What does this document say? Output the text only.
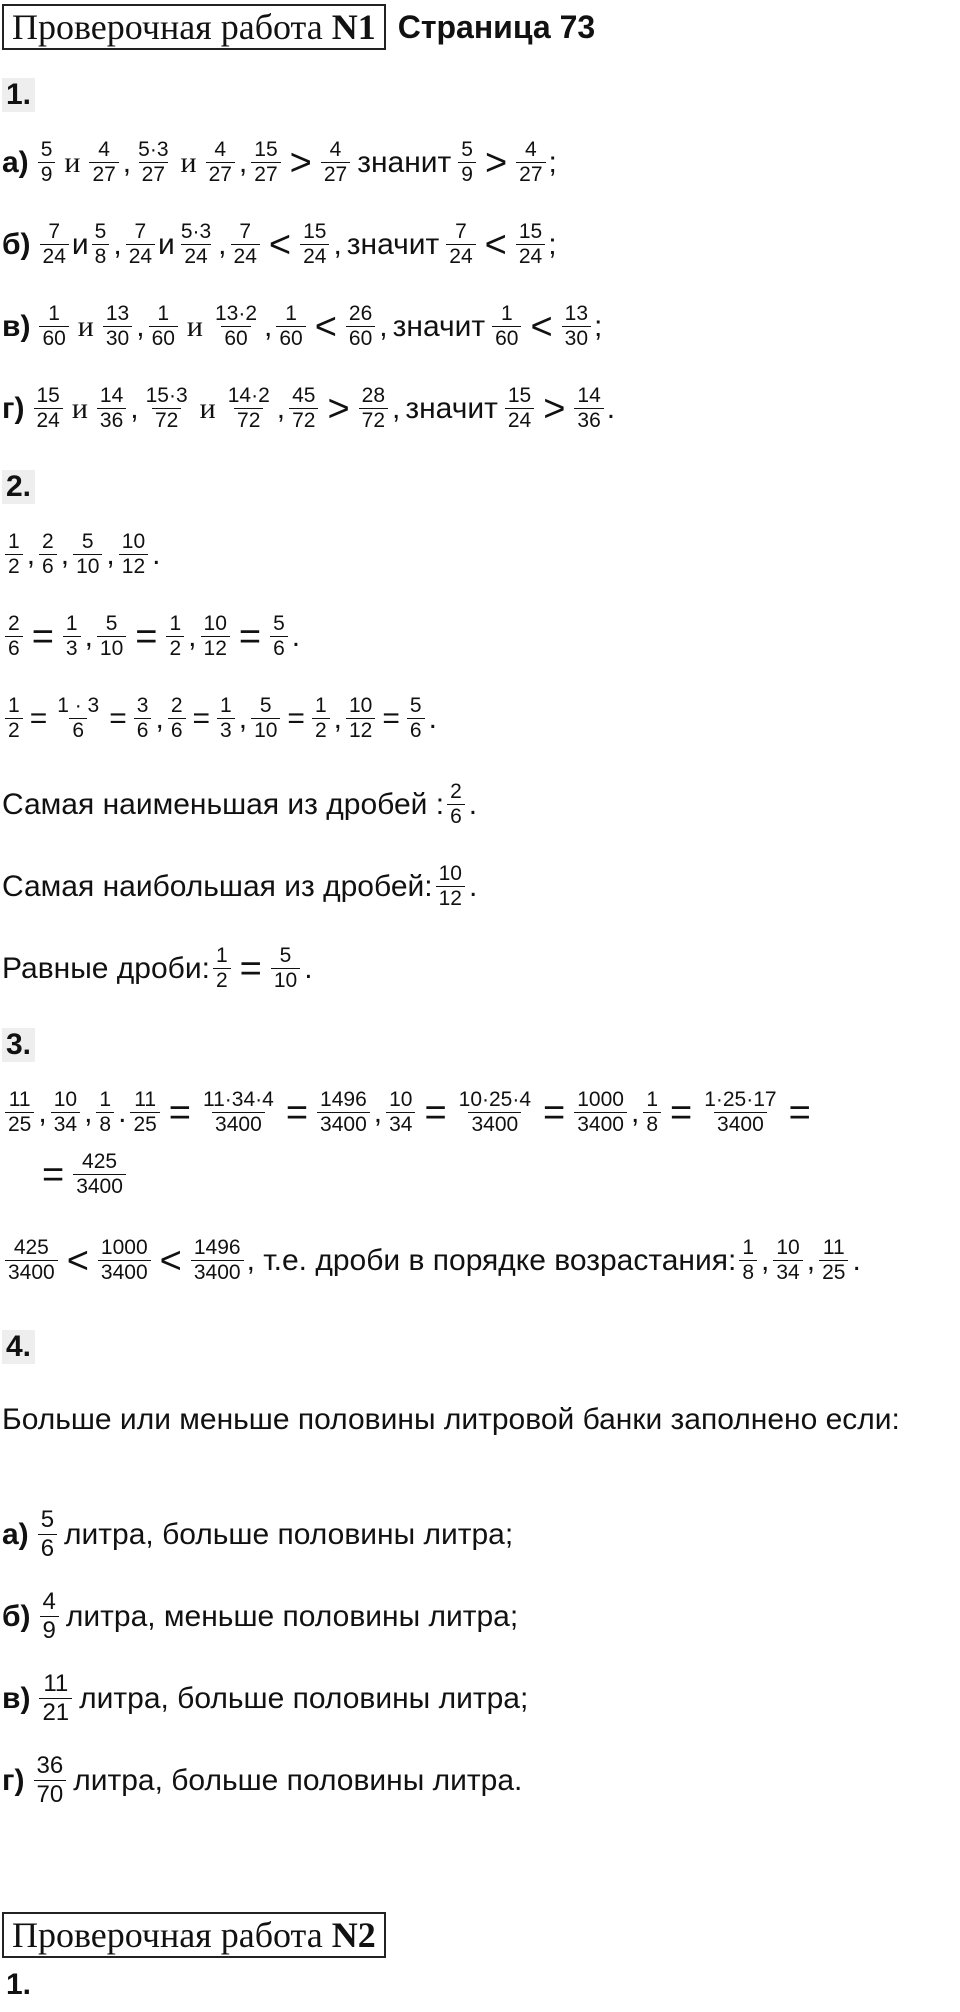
Проверочная работа N1 Страница 73
1.
а) 5
9 и 4
27 , 5·3
27 и 4
27 , 15
27 > 4
27 знанит 5
9 > 4
27 ;
б) 7
24 и 5
8 , 7
24 и 5·3
24 , 7
24 < 15
24 , значит 7
24 < 15
24 ;
в) 1
60 и 13
30 , 1
60 и 13·2
60 , 1
60 < 26
60 , значит 1
60 < 13
30 ;
г) 15
24 и 14
36 , 15·3
72 и 14·2
72 , 45
72 > 28
72 , значит 15
24 > 14
36 .
2.
1
2 , 2
6 , 5
10 , 10
12 .
$\frac{2}{6} = \frac{1}{3}$ , $\frac{5}{10} = \frac{1}{2}$ , $\frac{10}{12} = \frac{5}{6}$ .
$\frac{1}{2} = \frac{1 \cdot 3}{6} = \frac{3}{6}$ , $\frac{2}{6} = \frac{1}{3}$ , $\frac{5}{10} = \frac{1}{2}$ , $\frac{10}{12} = \frac{5}{6}$ .
Самая наименьшая из дробей : 2
6 .
Самая наибольшая из дробей: 10
12 .
Равные дроби: $\frac{1}{2} = \frac{5}{10}$ .
3.
11
25 , 10
34 , 1
8 . $\frac{11}{25} = \frac{11\cdot 34\cdot 4}{3400} = \frac{1496}{3400}$ , $\frac{10}{34} = \frac{10\cdot 25\cdot 4}{3400} = \frac{1000}{3400}$ , $\frac{1}{8} = \frac{1\cdot 25\cdot 17}{3400}$ =
= $\frac{425}{3400}$
425
3400 < 1000
3400 < 1496
3400 , т.е. дроби в порядке возрастания: 1
8 , 10
34 , 11
25 .
4.
Больше или меньше половины литровой банки заполнено если:
а) 5
6 литра, больше половины литра;
б) 4
9 литра, меньше половины литра;
в) 11
21 литра, больше половины литра;
г) 36
70 литра, больше половины литра.
Проверочная работа N2
1.
